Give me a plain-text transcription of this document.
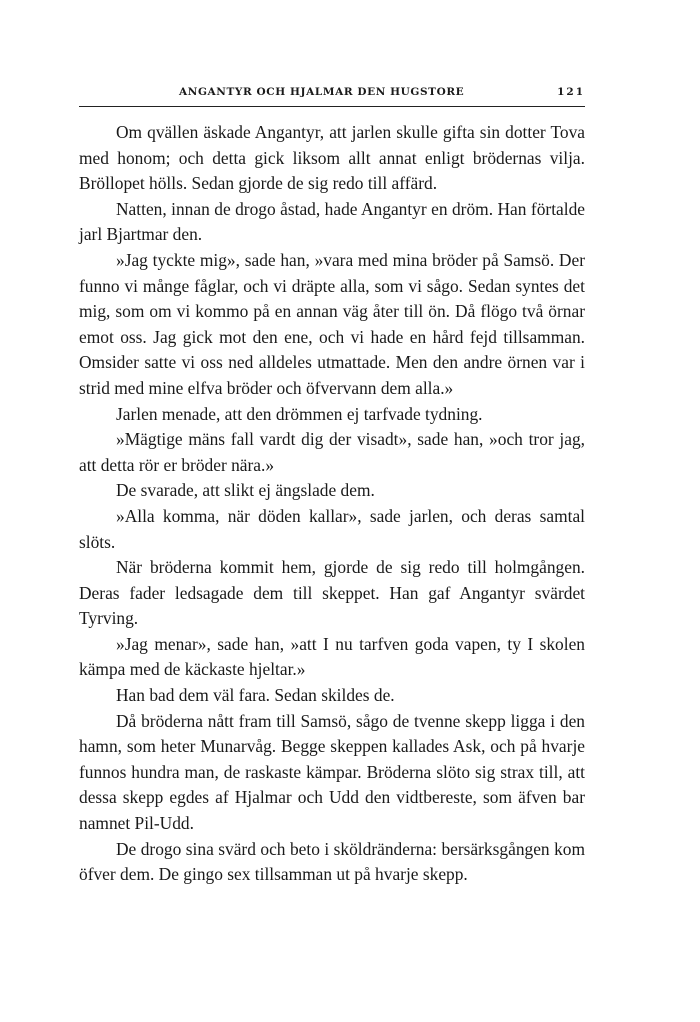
ANGANTYR OCH HJALMAR DEN HUGSTORE	121

Om qvällen äskade Angantyr, att jarlen skulle gifta sin dotter Tova med honom; och detta gick liksom allt annat enligt brödernas vilja. Bröllopet hölls. Sedan gjorde de sig redo till affärd.

Natten, innan de drogo åstad, hade Angantyr en dröm. Han förtalde jarl Bjartmar den.

»Jag tyckte mig», sade han, »vara med mina bröder på Samsö. Der funno vi månge fåglar, och vi dräpte alla, som vi sågo. Sedan syntes det mig, som om vi kommo på en annan väg åter till ön. Då flögo två örnar emot oss. Jag gick mot den ene, och vi hade en hård fejd tillsamman. Omsider satte vi oss ned alldeles utmattade. Men den andre örnen var i strid med mine elfva bröder och öfvervann dem alla.»

Jarlen menade, att den drömmen ej tarfvade tydning.

»Mägtige mäns fall vardt dig der visadt», sade han, »och tror jag, att detta rör er bröder nära.»

De svarade, att slikt ej ängslade dem.

»Alla komma, när döden kallar», sade jarlen, och deras samtal slöts.

När bröderna kommit hem, gjorde de sig redo till holmgången. Deras fader ledsagade dem till skeppet. Han gaf Angantyr svärdet Tyrving.

»Jag menar», sade han, »att I nu tarfven goda vapen, ty I skolen kämpa med de käckaste hjeltar.»

Han bad dem väl fara. Sedan skildes de.

Då bröderna nått fram till Samsö, sågo de tvenne skepp ligga i den hamn, som heter Munarvåg. Begge skeppen kallades Ask, och på hvarje funnos hundra man, de raskaste kämpar. Bröderna slöto sig strax till, att dessa skepp egdes af Hjalmar och Udd den vidtbereste, som äfven bar namnet Pil-Udd.

De drogo sina svärd och beto i sköldränderna: bersärksgången kom öfver dem. De gingo sex tillsamman ut på hvarje skepp.
